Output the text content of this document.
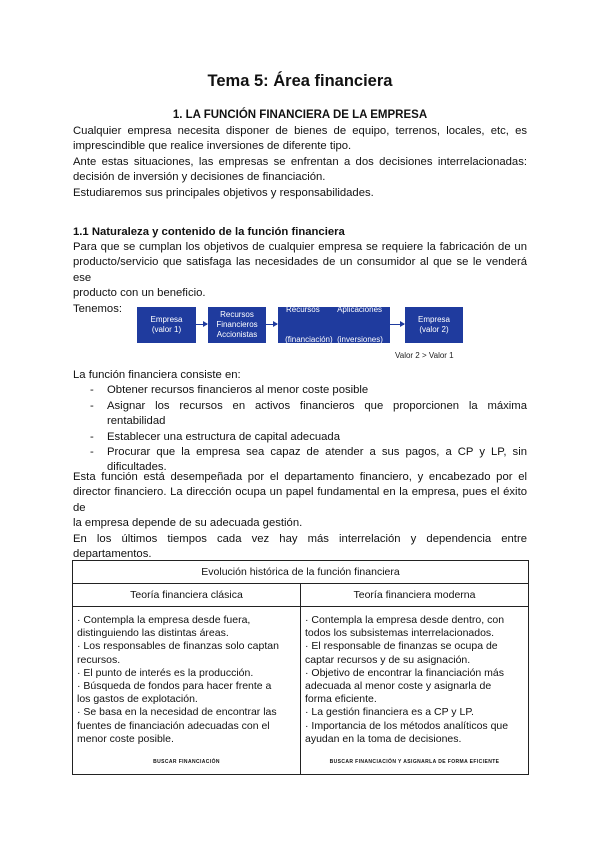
Tema 5: Área financiera
1. LA FUNCIÓN FINANCIERA DE LA EMPRESA
Cualquier empresa necesita disponer de bienes de equipo, terrenos, locales, etc, es
imprescindible que realice inversiones de diferente tipo.
Ante estas situaciones, las empresas se enfrentan a dos decisiones interrelacionadas:
decisión de inversión y decisiones de financiación.
Estudiaremos sus principales objetivos y responsabilidades.
1.1 Naturaleza y contenido de la función financiera
Para que se cumplan los objetivos de cualquier empresa se requiere la fabricación de un
producto/servicio que satisfaga las necesidades de un consumidor al que se le venderá ese
producto con un beneficio.
Tenemos:
Empresa
(valor 1)
Recursos
Financieros
Accionistas

Recursos        Aplicaciones

(financiación)  (inversiones)

Empresa
(valor 2)
Valor 2 > Valor 1
La función financiera consiste en:
- Obtener recursos financieros al menor coste posible
- Asignar los recursos en activos financieros que proporcionen la máxima rentabilidad
- Establecer una estructura de capital adecuada
- Procurar que la empresa sea capaz de atender a sus pagos, a CP y LP, sin dificultades.
Esta función está desempeñada por el departamento financiero, y encabezado por el
director financiero. La dirección ocupa un papel fundamental en la empresa, pues el éxito de
la empresa depende de su adecuada gestión.
En los últimos tiempos cada vez hay más interrelación y dependencia entre departamentos.
Evolución histórica de la función financiera	
Teoría financiera clásica	Teoría financiera moderna

· Contempla la empresa desde fuera,
distinguiendo las distintas áreas.
· Los responsables de finanzas solo captan
recursos.
· El punto de interés es la producción.
· Búsqueda de fondos para hacer frente a
los gastos de explotación.
· Se basa en la necesidad de encontrar las
fuentes de financiación adecuadas con el
menor coste posible.
BUSCAR FINANCIACIÓN

· Contempla la empresa desde dentro, con
todos los subsistemas interrelacionados.
· El responsable de finanzas se ocupa de
captar recursos y de su asignación.
· Objetivo de encontrar la financiación más
adecuada al menor coste y asignarla de
forma eficiente.
· La gestión financiera es a CP y LP.
· Importancia de los métodos analíticos que
ayudan en la toma de decisiones.
BUSCAR FINANCIACIÓN Y ASIGNARLA DE FORMA EFICIENTE
